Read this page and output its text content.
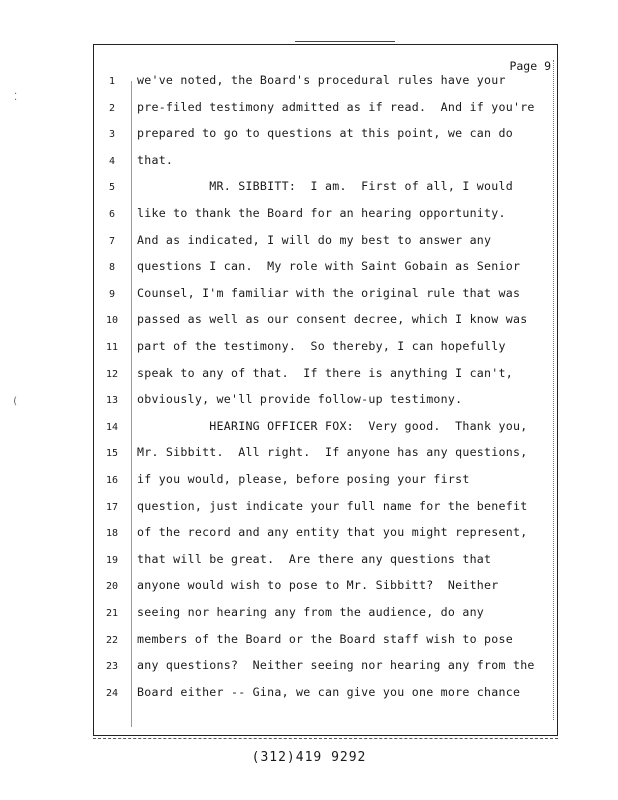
Page 9
1	we've noted, the Board's procedural rules have your
2	pre-filed testimony admitted as if read.  And if you're
3	prepared to go to questions at this point, we can do
4	that.
5	MR. SIBBITT:  I am.  First of all, I would
6	like to thank the Board for an hearing opportunity.
7	And as indicated, I will do my best to answer any
8	questions I can.  My role with Saint Gobain as Senior
9	Counsel, I'm familiar with the original rule that was
10	passed as well as our consent decree, which I know was
11	part of the testimony.  So thereby, I can hopefully
12	speak to any of that.  If there is anything I can't,
13	obviously, we'll provide follow-up testimony.
14	HEARING OFFICER FOX:  Very good.  Thank you,
15	Mr. Sibbitt.  All right.  If anyone has any questions,
16	if you would, please, before posing your first
17	question, just indicate your full name for the benefit
18	of the record and any entity that you might represent,
19	that will be great.  Are there any questions that
20	anyone would wish to pose to Mr. Sibbitt?  Neither
21	seeing nor hearing any from the audience, do any
22	members of the Board or the Board staff wish to pose
23	any questions?  Neither seeing nor hearing any from the
24	Board either -- Gina, we can give you one more chance
⁚
(
(312)419 9292
